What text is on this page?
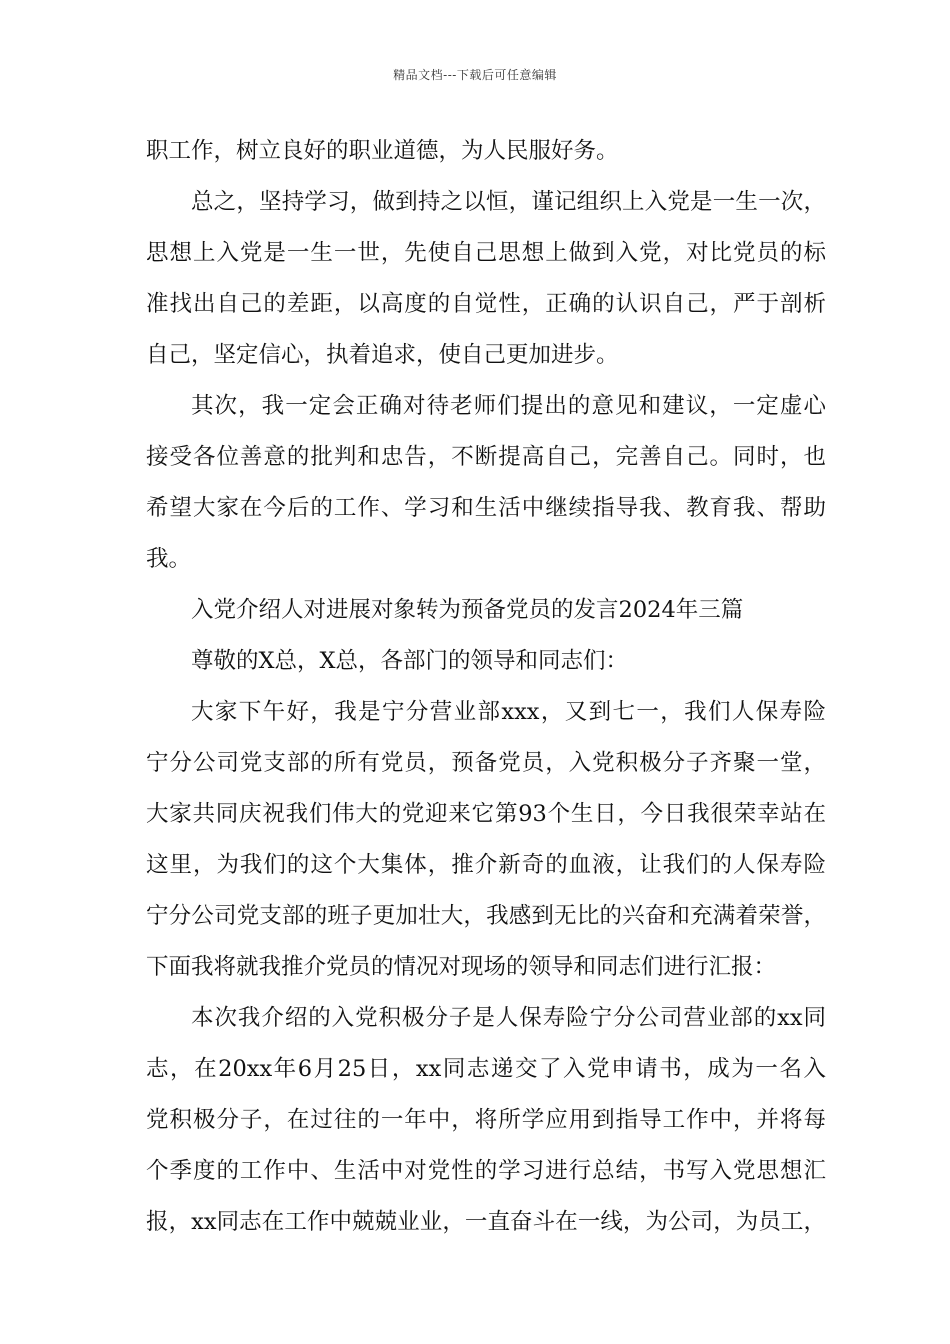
精品文档---下载后可任意编辑
职工作，树立良好的职业道德，为人民服好务。
总之，坚持学习，做到持之以恒，谨记组织上入党是一生一次，
思想上入党是一生一世，先使自己思想上做到入党，对比党员的标
准找出自己的差距，以高度的自觉性，正确的认识自己，严于剖析
自己，坚定信心，执着追求，使自己更加进步。
其次，我一定会正确对待老师们提出的意见和建议，一定虚心
接受各位善意的批判和忠告，不断提高自己，完善自己。同时，也
希望大家在今后的工作、学习和生活中继续指导我、教育我、帮助
我。
入党介绍人对进展对象转为预备党员的发言2024年三篇
尊敬的X总，X总，各部门的领导和同志们：
大家下午好，我是宁分营业部xxx，又到七一，我们人保寿险
宁分公司党支部的所有党员，预备党员，入党积极分子齐聚一堂，
大家共同庆祝我们伟大的党迎来它第93个生日，今日我很荣幸站在
这里，为我们的这个大集体，推介新奇的血液，让我们的人保寿险
宁分公司党支部的班子更加壮大，我感到无比的兴奋和充满着荣誉，
下面我将就我推介党员的情况对现场的领导和同志们进行汇报：
本次我介绍的入党积极分子是人保寿险宁分公司营业部的xx同
志，在20xx年6月25日，xx同志递交了入党申请书，成为一名入
党积极分子，在过往的一年中，将所学应用到指导工作中，并将每
个季度的工作中、生活中对党性的学习进行总结，书写入党思想汇
报，xx同志在工作中兢兢业业，一直奋斗在一线，为公司，为员工，
